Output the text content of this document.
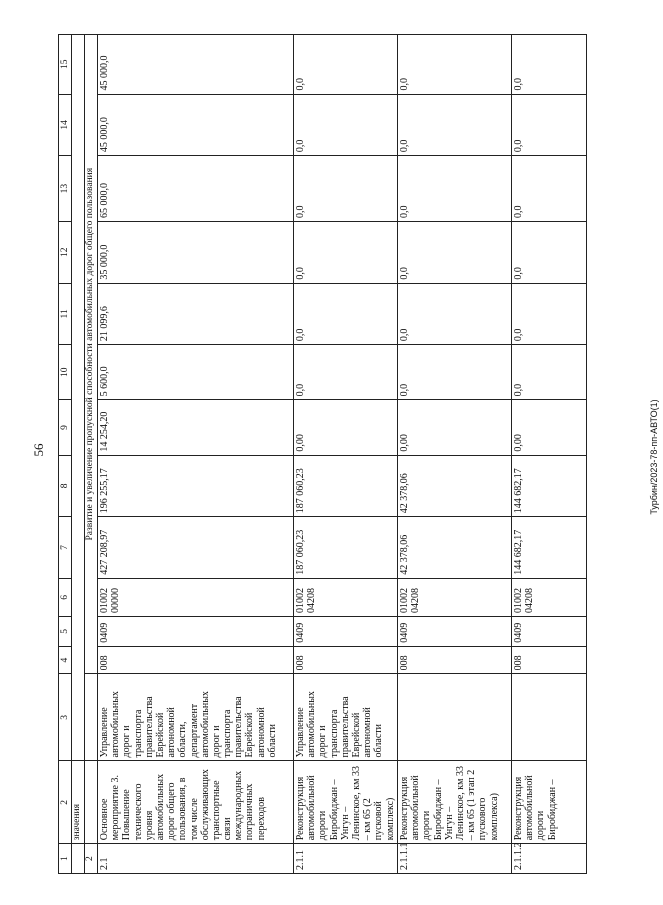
56	Турбин/2023-78-пп-АВТО(1)
1	2	3	4	5	6	7	8	9	10	11	12	13	14	15
	значения													
2			Развитие и увеличение пропускной способности автомобильных дорог общего пользования											
2.1	Основное мероприятие 3. Повышение технического уровня автомобильных дорог общего пользования, в том числе обслуживающих транспортные связи международных пограничных переходов	Управление автомобильных дорог и транспорта правительства Еврейской автономной области, департамент автомобильных дорог и транспорта правительства Еврейской автономной области	008	0409	01002 00000	427 208,97	196 255,17	14 254,20	5 600,0	21 099,6	35 000,0	65 000,0	45 000,0	45 000,0
2.1.1	Реконструкция автомобильной дороги Биробиджан – Унгун – Ленинское, км 33 – км 65 (2 пусковой комплекс)	Управление автомобильных дорог и транспорта правительства Еврейской автономной области	008	0409	01002 04208	187 060,23	187 060,23	0,00	0,0	0,0	0,0	0,0	0,0	0,0
2.1.1.1	Реконструкция автомобильной дороги Биробиджан – Унгун – Ленинское, км 33 – км 65 (1 этап 2 пускового комплекса)		008	0409	01002 04208	42 378,06	42 378,06	0,00	0,0	0,0	0,0	0,0	0,0	0,0
2.1.1.2	Реконструкция автомобильной дороги Биробиджан –		008	0409	01002 04208	144 682,17	144 682,17	0,00	0,0	0,0	0,0	0,0	0,0	0,0
